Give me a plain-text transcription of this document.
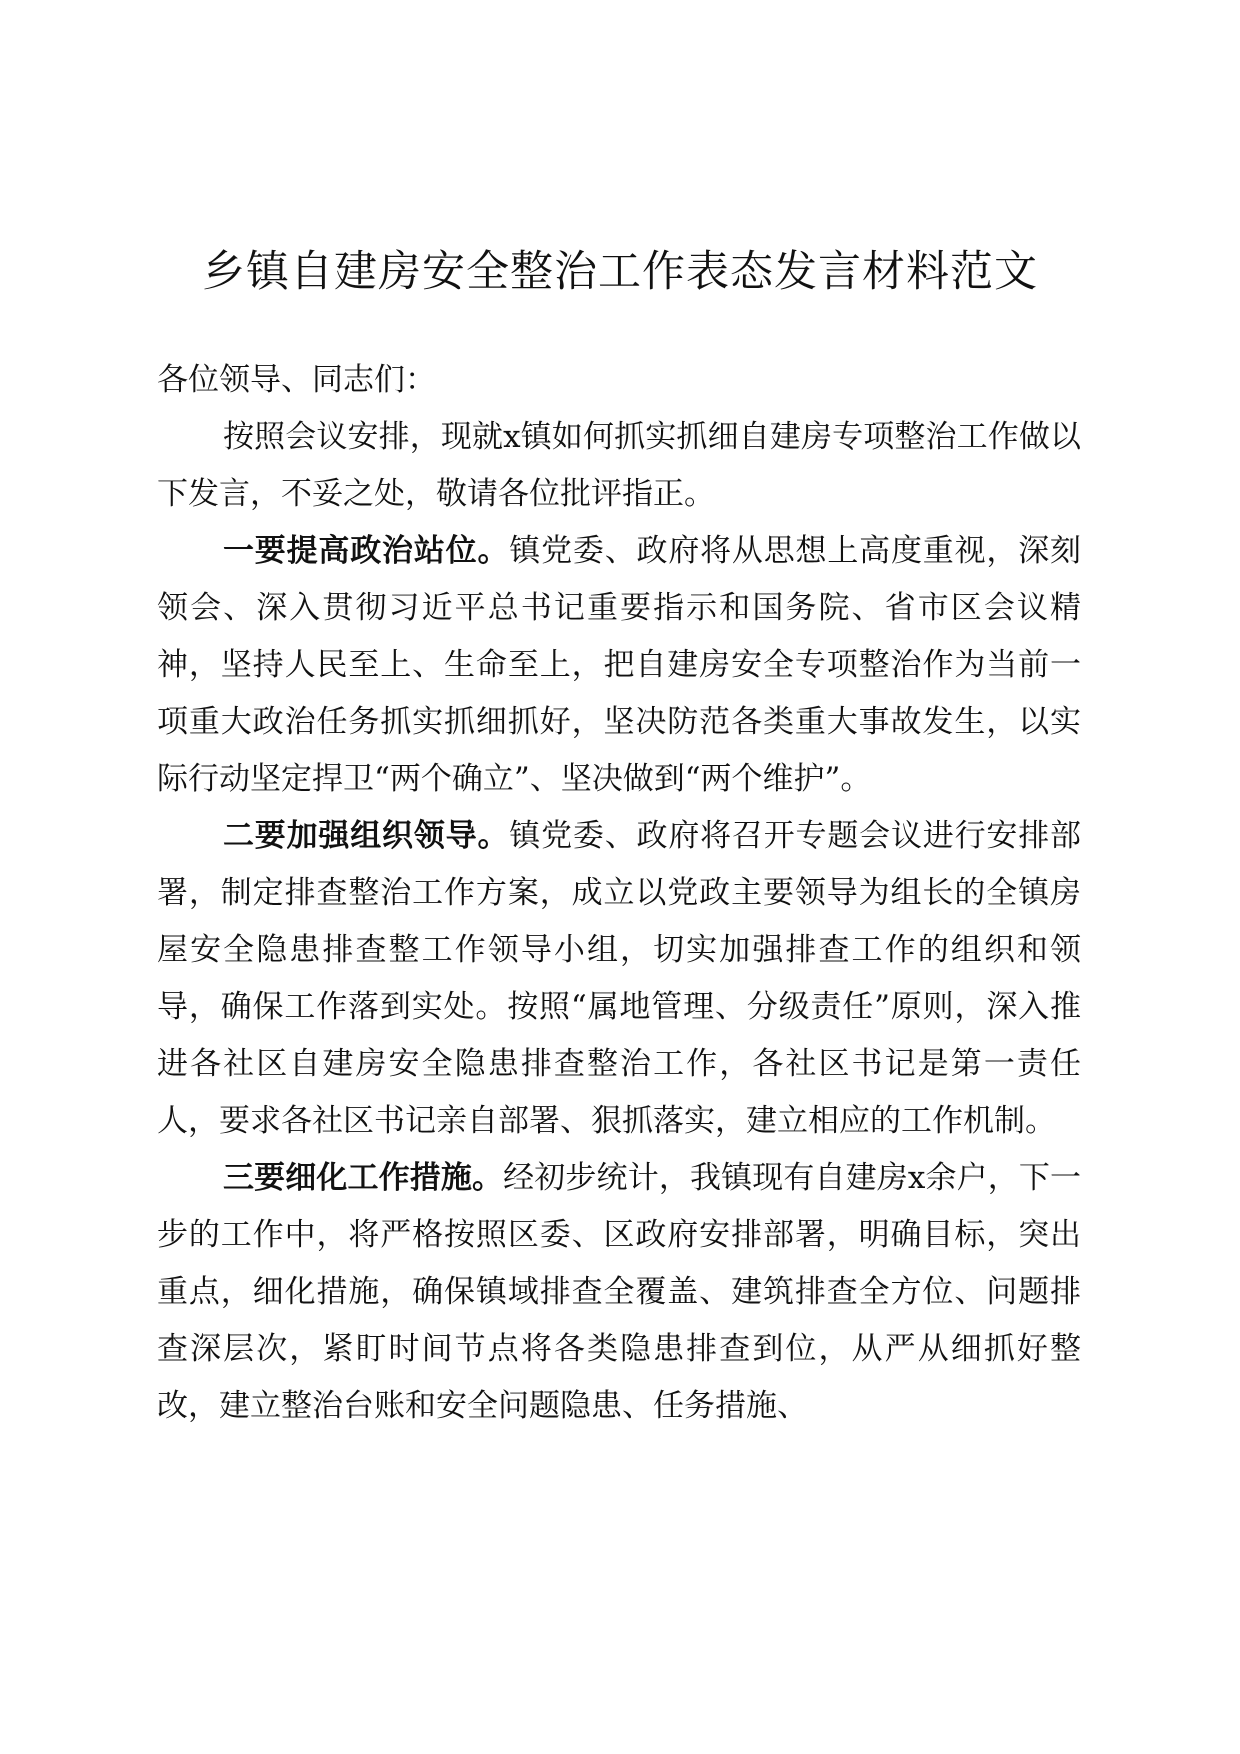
乡镇自建房安全整治工作表态发言材料范文

各位领导、同志们：

按照会议安排，现就x镇如何抓实抓细自建房专项整治工作做以下发言，不妥之处，敬请各位批评指正。

一要提高政治站位。镇党委、政府将从思想上高度重视，深刻领会、深入贯彻习近平总书记重要指示和国务院、省市区会议精神，坚持人民至上、生命至上，把自建房安全专项整治作为当前一项重大政治任务抓实抓细抓好，坚决防范各类重大事故发生，以实际行动坚定捍卫“两个确立”、坚决做到“两个维护”。

二要加强组织领导。镇党委、政府将召开专题会议进行安排部署，制定排查整治工作方案，成立以党政主要领导为组长的全镇房屋安全隐患排查整工作领导小组，切实加强排查工作的组织和领导，确保工作落到实处。按照“属地管理、分级责任”原则，深入推进各社区自建房安全隐患排查整治工作，各社区书记是第一责任人，要求各社区书记亲自部署、狠抓落实，建立相应的工作机制。

三要细化工作措施。经初步统计，我镇现有自建房x余户，下一步的工作中，将严格按照区委、区政府安排部署，明确目标，突出重点，细化措施，确保镇域排查全覆盖、建筑排查全方位、问题排查深层次，紧盯时间节点将各类隐患排查到位，从严从细抓好整改，建立整治台账和安全问题隐患、任务措施、
